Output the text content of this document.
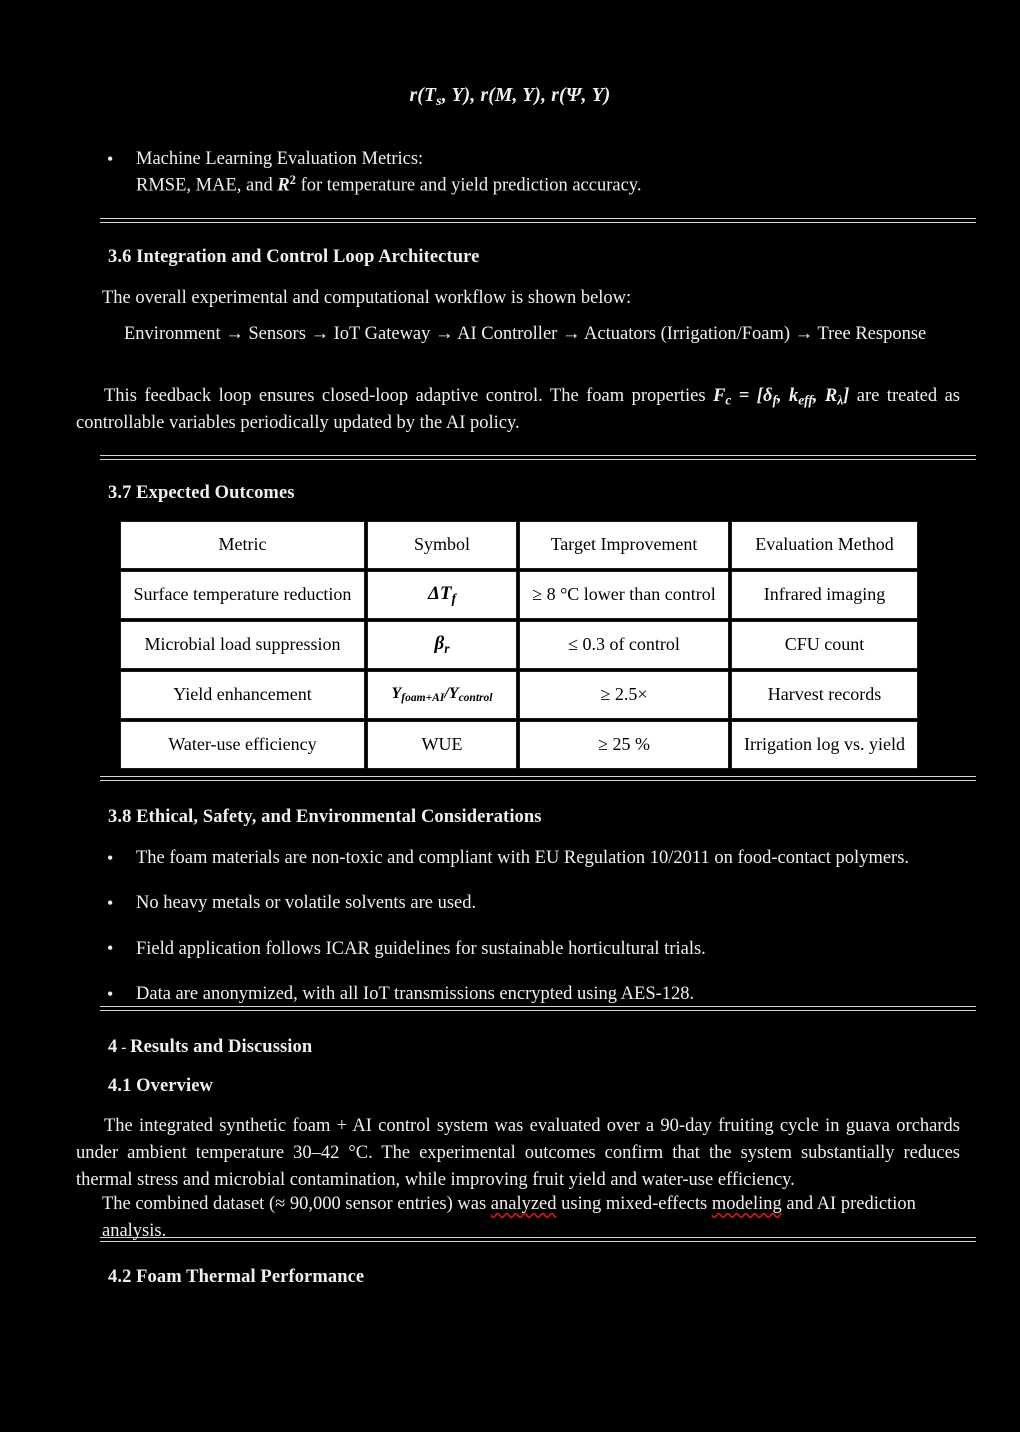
$r(T_s$, Y), r(M, Y), r(Ψ, Y)

• Machine Learning Evaluation Metrics:
RMSE, MAE, and $R^2$ for temperature and yield prediction accuracy.
3.6 Integration and Control Loop Architecture

The overall experimental and computational workflow is shown below:

Environment → Sensors → IoT Gateway → AI Controller → Actuators (Irrigation/Foam) → Tree Response

This feedback loop ensures closed-loop adaptive control. The foam properties $F_c = [\delta_f$, $k_{eff}$, $R_\lambda$] are treated as controllable variables periodically updated by the AI policy.

3.7 Expected Outcomes
Metric	Symbol	Target Improvement	Evaluation Method
Surface temperature reduction	$\Delta T_f$	≥ 8 °C lower than control	Infrared imaging
Microbial load suppression	$\beta_r$	≤ 0.3 of control	CFU count
Yield enhancement	$Y_{foam+AI}/Y_{control}$	≥ 2.5×	Harvest records
Water-use efficiency	WUE	≥ 25 %	Irrigation log vs. yield
3.8 Ethical, Safety, and Environmental Considerations
• The foam materials are non-toxic and compliant with EU Regulation 10/2011 on food-contact polymers.
• No heavy metals or volatile solvents are used.
• Field application follows ICAR guidelines for sustainable horticultural trials.
• Data are anonymized, with all IoT transmissions encrypted using AES-128.
4 - Results and Discussion
4.1 Overview

The integrated synthetic foam + AI control system was evaluated over a 90-day fruiting cycle in guava orchards under ambient temperature 30–42 °C. The experimental outcomes confirm that the system substantially reduces thermal stress and microbial contamination, while improving fruit yield and water-use efficiency.

The combined dataset (≈ 90,000 sensor entries) was analyzed using mixed-effects modeling and AI prediction analysis.

4.2 Foam Thermal Performance
